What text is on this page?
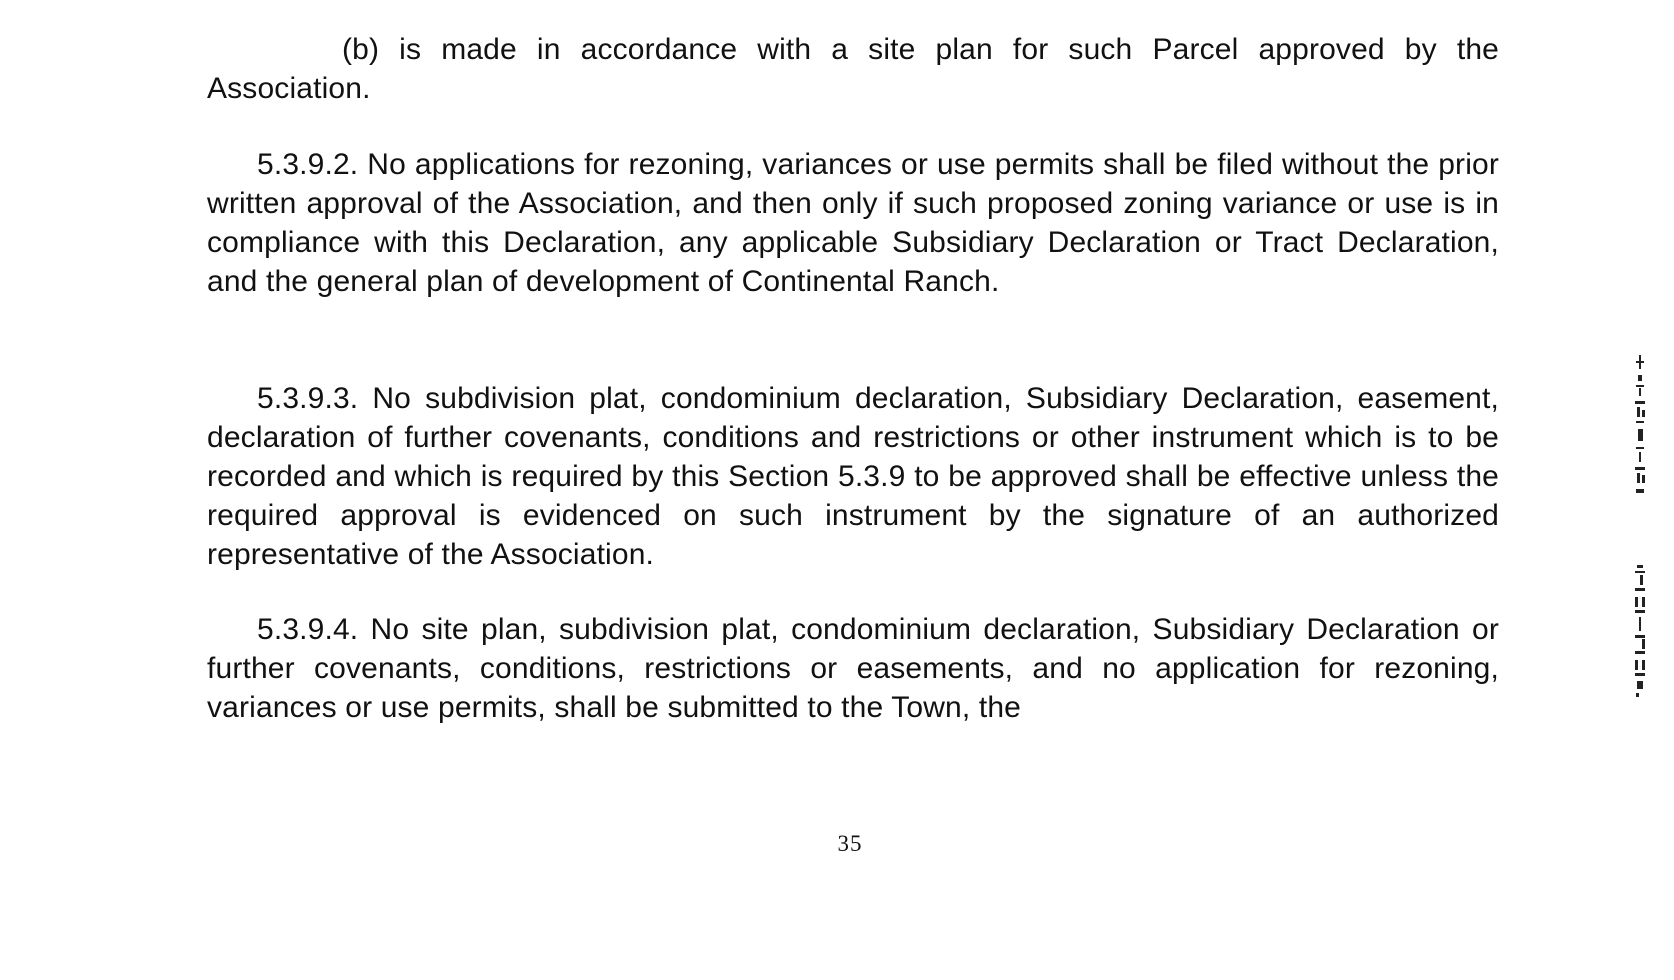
(b) is made in accordance with a site plan for such Parcel approved by the Association.

5.3.9.2. No applications for rezoning, variances or use permits shall be filed without the prior written approval of the Association, and then only if such proposed zoning variance or use is in compliance with this Declaration, any applicable Subsidiary Declaration or Tract Declaration, and the general plan of development of Continental Ranch.

5.3.9.3. No subdivision plat, condominium declaration, Subsidiary Declaration, easement, declaration of further covenants, conditions and restrictions or other instrument which is to be recorded and which is required by this Section 5.3.9 to be approved shall be effective unless the required approval is evidenced on such instrument by the signature of an authorized representative of the Association.

5.3.9.4. No site plan, subdivision plat, condominium declaration, Subsidiary Declaration or further covenants, conditions, restrictions or easements, and no application for rezoning, variances or use permits, shall be submitted to the Town, the

35
